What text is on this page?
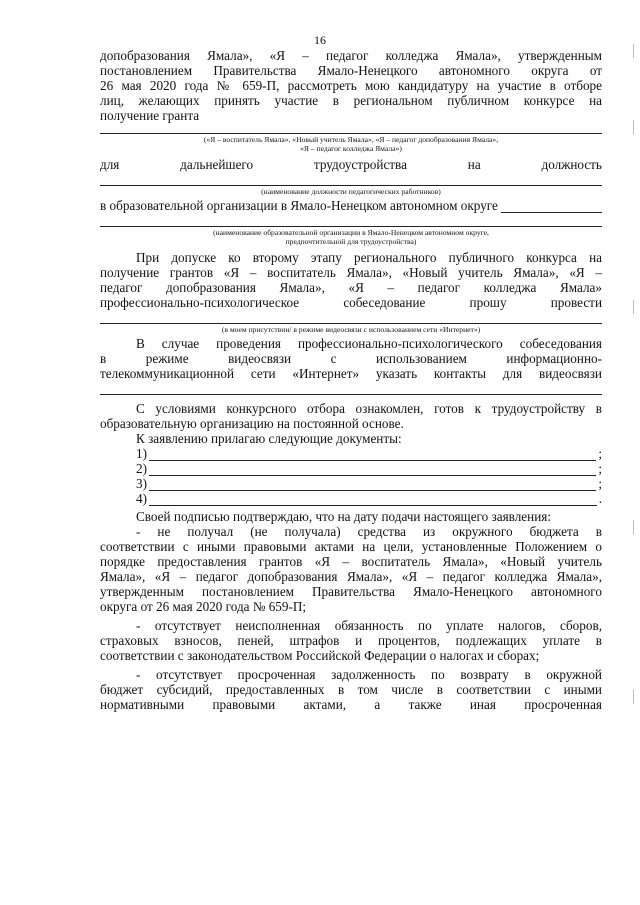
16

допобразования Ямала», «Я – педагог колледжа Ямала», утвержденным

постановлением Правительства Ямало-Ненецкого автономного округа от

26 мая 2020 года № 659-П, рассмотреть мою кандидатуру на участие в отборе

лиц, желающих принять участие в региональном публичном конкурсе на

получение гранта

(«Я – воспитатель Ямала», «Новый учитель Ямала», «Я – педагог допобразования Ямала»,
«Я – педагог колледжа Ямала»)
для	дальнейшего	трудоустройства	на	должность
(наименование должности педагогических работников)
в образовательной организации в Ямало-Ненецком автономном округе
(наименование образовательной организации в Ямало-Ненецком автономном округе,
предпочтительной для трудоустройства)

При допуске ко второму этапу регионального публичного конкурса на

получение грантов «Я – воспитатель Ямала», «Новый учитель Ямала», «Я –

педагог допобразования Ямала», «Я – педагог колледжа Ямала»

профессионально-психологическое собеседование прошу провести

(в моем присутствии/ в режиме видеосвязи с использованием сети «Интернет»)

В случае проведения профессионально-психологического собеседования

в режиме видеосвязи с использованием информационно-

телекоммуникационной сети «Интернет» указать контакты для видеосвязи

С условиями конкурсного отбора ознакомлен, готов к трудоустройству в

образовательную организацию на постоянной основе.

К заявлению прилагаю следующие документы:

1)	;
2)	;
3)	;
4)	.

Своей подписью подтверждаю, что на дату подачи настоящего заявления:

- не получал (не получала) средства из окружного бюджета в

соответствии с иными правовыми актами на цели, установленные Положением о

порядке предоставления грантов «Я – воспитатель Ямала», «Новый учитель

Ямала», «Я – педагог допобразования Ямала», «Я – педагог колледжа Ямала»,

утвержденным постановлением Правительства Ямало-Ненецкого автономного

округа от 26 мая 2020 года № 659-П;

- отсутствует неисполненная обязанность по уплате налогов, сборов,

страховых взносов, пеней, штрафов и процентов, подлежащих уплате в

соответствии с законодательством Российской Федерации о налогах и сборах;

- отсутствует просроченная задолженность по возврату в окружной

бюджет субсидий, предоставленных в том числе в соответствии с иными

нормативными правовыми актами, а также иная просроченная
